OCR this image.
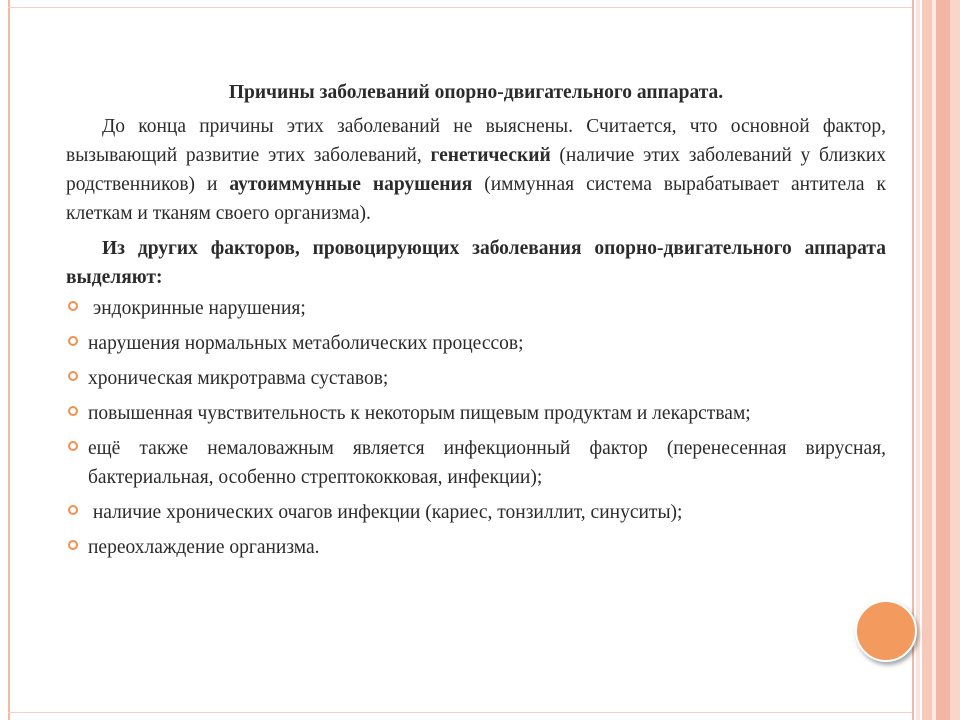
Причины заболеваний опорно-двигательного аппарата.

До конца причины этих заболеваний не выяснены. Считается, что основной фактор, вызывающий развитие этих заболеваний, генетический (наличие этих заболеваний у близких родственников) и аутоиммунные нарушения (иммунная система вырабатывает антитела к клеткам и тканям своего организма).

Из других факторов, провоцирующих заболевания опорно-двигательного аппарата выделяют:

эндокринные нарушения;
нарушения нормальных метаболических процессов;
хроническая микротравма суставов;
повышенная чувствительность к некоторым пищевым продуктам и лекарствам;
ещё также немаловажным является инфекционный фактор (перенесенная вирусная, бактериальная, особенно стрептококковая, инфекции);
наличие хронических очагов инфекции (кариес, тонзиллит, синуситы);
переохлаждение организма.
